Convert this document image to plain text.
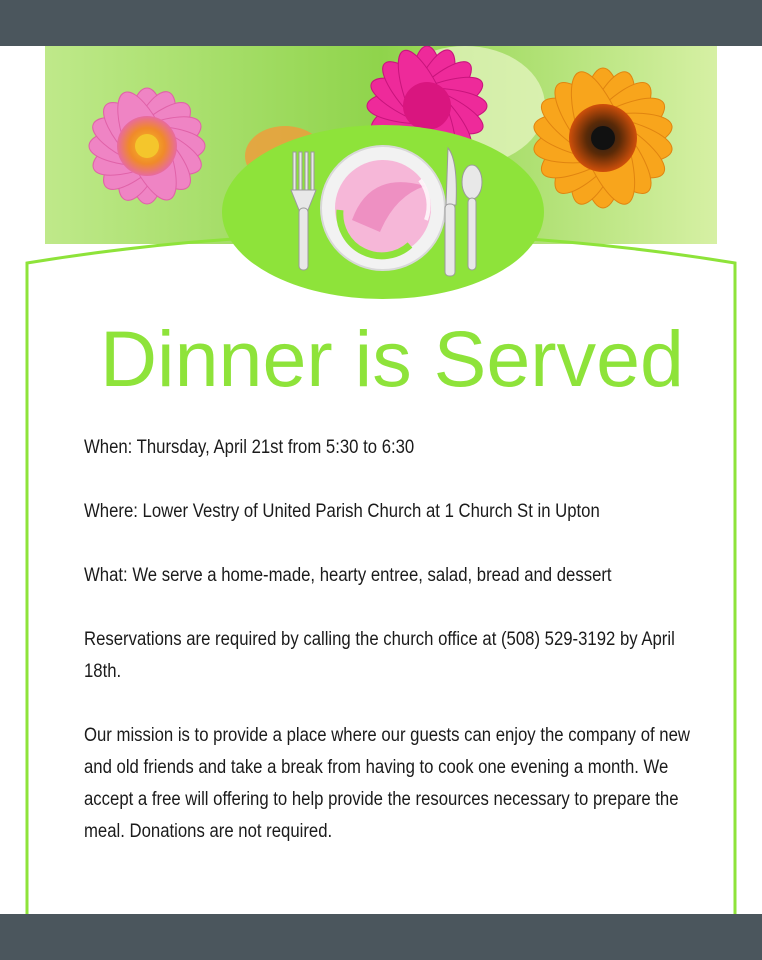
Dinner is Served

When: Thursday, April 21st from 5:30 to 6:30

Where: Lower Vestry of United Parish Church at 1 Church St in Upton

What: We serve a home-made, hearty entree, salad, bread and dessert

Reservations are required by calling the church office at (508) 529-3192 by April 18th.

Our mission is to provide a place where our guests can enjoy the company of new and old friends and take a break from having to cook one evening a month. We accept a free will offering to help provide the resources necessary to prepare the meal. Donations are not required.
